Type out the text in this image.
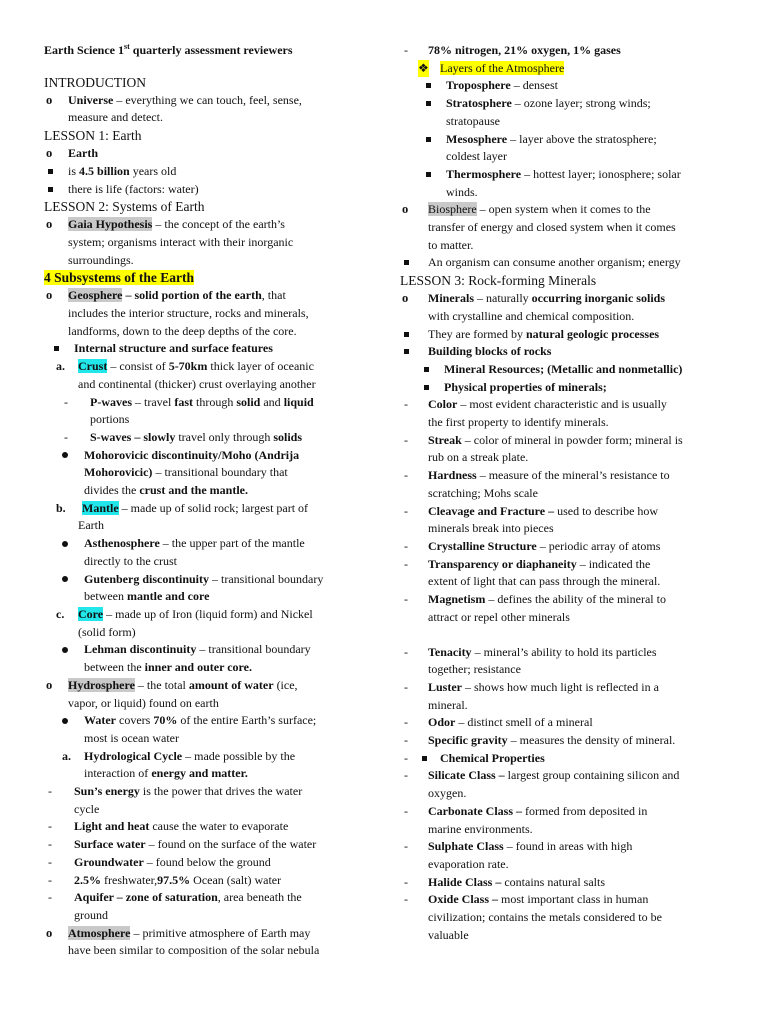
Earth Science 1st quarterly assessment reviewers
INTRODUCTION
o Universe – everything we can touch, feel, sense,
measure and detect.
LESSON 1: Earth
o Earth
is 4.5 billion years old
there is life (factors: water)
LESSON 2: Systems of Earth
o Gaia Hypothesis – the concept of the earth’s
system; organisms interact with their inorganic
surroundings.
4 Subsystems of the Earth
o Geosphere – solid portion of the earth, that
includes the interior structure, rocks and minerals,
landforms, down to the deep depths of the core.
Internal structure and surface features
a. Crust – consist of 5-70km thick layer of oceanic
and continental (thicker) crust overlaying another
- P-waves – travel fast through solid and liquid
portions
- S-waves – slowly travel only through solids
Mohorovicic discontinuity/Moho (Andrija
Mohorovicic) – transitional boundary that
divides the crust and the mantle.
b. Mantle – made up of solid rock; largest part of
Earth
Asthenosphere – the upper part of the mantle
directly to the crust
Gutenberg discontinuity – transitional boundary
between mantle and core
c. Core – made up of Iron (liquid form) and Nickel
(solid form)
Lehman discontinuity – transitional boundary
between the inner and outer core.
o Hydrosphere – the total amount of water (ice,
vapor, or liquid) found on earth
Water covers 70% of the entire Earth’s surface;
most is ocean water
a. Hydrological Cycle – made possible by the
interaction of energy and matter.
- Sun’s energy is the power that drives the water
cycle
- Light and heat cause the water to evaporate
- Surface water – found on the surface of the water
- Groundwater – found below the ground
- 2.5% freshwater,97.5% Ocean (salt) water
- Aquifer – zone of saturation, area beneath the
ground
o Atmosphere – primitive atmosphere of Earth may
have been similar to composition of the solar nebula
- 78% nitrogen, 21% oxygen, 1% gases
❖ Layers of the Atmosphere
Troposphere – densest
Stratosphere – ozone layer; strong winds;
stratopause
Mesosphere – layer above the stratosphere;
coldest layer
Thermosphere – hottest layer; ionosphere; solar
winds.
o Biosphere – open system when it comes to the
transfer of energy and closed system when it comes
to matter.
An organism can consume another organism; energy
LESSON 3: Rock-forming Minerals
o Minerals – naturally occurring inorganic solids
with crystalline and chemical composition.
They are formed by natural geologic processes
Building blocks of rocks
Mineral Resources; (Metallic and nonmetallic)
Physical properties of minerals;
- Color – most evident characteristic and is usually
the first property to identify minerals.
- Streak – color of mineral in powder form; mineral is
rub on a streak plate.
- Hardness – measure of the mineral’s resistance to
scratching; Mohs scale
- Cleavage and Fracture – used to describe how
minerals break into pieces
- Crystalline Structure – periodic array of atoms
- Transparency or diaphaneity – indicated the
extent of light that can pass through the mineral.
- Magnetism – defines the ability of the mineral to
attract or repel other minerals
- Tenacity – mineral’s ability to hold its particles
together; resistance
- Luster – shows how much light is reflected in a
mineral.
- Odor – distinct smell of a mineral
- Specific gravity – measures the density of mineral.
-	Chemical Properties
- Silicate Class – largest group containing silicon and
oxygen.
- Carbonate Class – formed from deposited in
marine environments.
- Sulphate Class – found in areas with high
evaporation rate.
- Halide Class – contains natural salts
- Oxide Class – most important class in human
civilization; contains the metals considered to be
valuable
